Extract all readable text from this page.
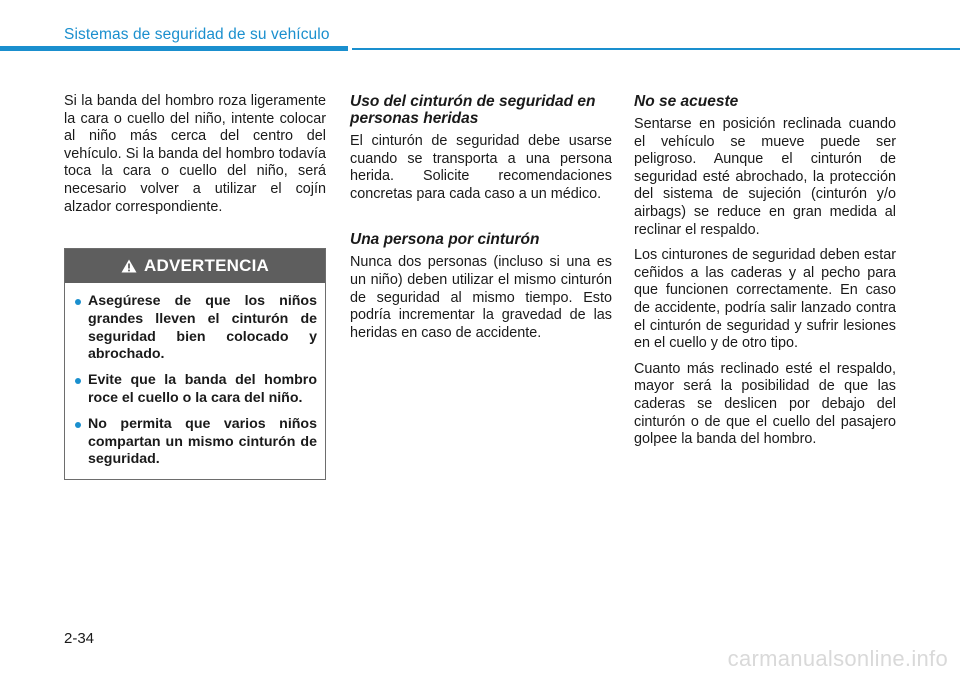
Sistemas de seguridad de su vehículo

Si la banda del hombro roza ligeramente la cara o cuello del niño, intente colocar al niño más cerca del centro del vehículo. Si la banda del hombro todavía toca la cara o cuello del niño, será necesario volver a utilizar el cojín alzador correspondiente.

ADVERTENCIA
Asegúrese de que los niños grandes lleven el cinturón de seguridad bien colocado y abrochado.
Evite que la banda del hombro roce el cuello o la cara del niño.
No permita que varios niños compartan un mismo cinturón de seguridad.
Uso del cinturón de seguridad en personas heridas

El cinturón de seguridad debe usarse cuando se transporta a una persona herida. Solicite recomendaciones concretas para cada caso a un médico.

Una persona por cinturón

Nunca dos personas (incluso si una es un niño) deben utilizar el mismo cinturón de seguridad al mismo tiempo. Esto podría incrementar la gravedad de las heridas en caso de accidente.

No se acueste

Sentarse en posición reclinada cuando el vehículo se mueve puede ser peligroso. Aunque el cinturón de seguridad esté abrochado, la protección del sistema de sujeción (cinturón y/o airbags) se reduce en gran medida al reclinar el respaldo.

Los cinturones de seguridad deben estar ceñidos a las caderas y al pecho para que funcionen correctamente. En caso de accidente, podría salir lanzado contra el cinturón de seguridad y sufrir lesiones en el cuello y de otro tipo.

Cuanto más reclinado esté el respaldo, mayor será la posibilidad de que las caderas se deslicen por debajo del cinturón o de que el cuello del pasajero golpee la banda del hombro.

2-34
carmanualsonline.info
